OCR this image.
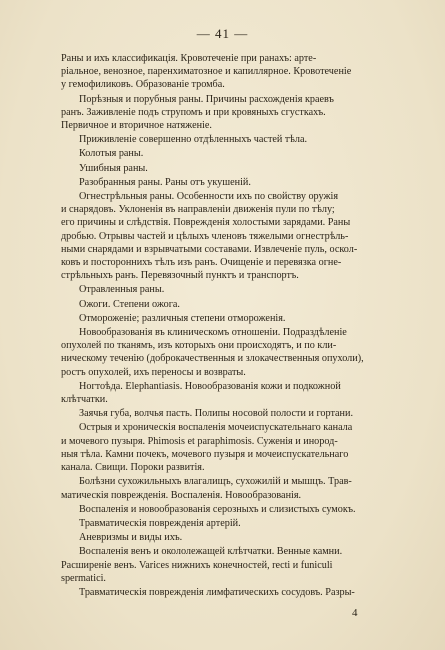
— 41 —
Раны и ихъ классификація. Кровотеченіе при ранахъ: арте-
ріальное, венозное, паренхиматозное и капиллярное. Кровотеченіе
у гемофиликовъ. Образованіе тромба.
Порѣзныя и порубныя раны. Причины расхожденія краевъ
ранъ. Заживленіе подъ струпомъ и при кровяныхъ сгусткахъ.
Первичное и вторичное натяженіе.
Приживленіе совершенно отдѣленныхъ частей тѣла.
Колотыя раны.
Ушибныя раны.
Разобранныя раны. Раны отъ укушеній.
Огнестрѣльныя раны. Особенности ихъ по свойству оружія
и снарядовъ. Уклоненія въ направленіи движенія пули по тѣлу;
его причины и слѣдствія. Поврежденія холостыми зарядами. Раны
дробью. Отрывы частей и цѣлыхъ членовъ тяжелыми огнестрѣль-
ными снарядами и взрывчатыми составами. Извлеченіе пуль, оскол-
ковъ и постороннихъ тѣлъ изъ ранъ. Очищеніе и перевязка огне-
стрѣльныхъ ранъ. Перевязочный пунктъ и транспортъ.
Отравленныя раны.
Ожоги. Степени ожога.
Отмороженіе; различныя степени отмороженія.
Новообразованія въ клиническомъ отношеніи. Подраздѣленіе
опухолей по тканямъ, изъ которыхъ они происходятъ, и по кли-
ническому теченію (доброкачественныя и злокачественныя опухоли),
ростъ опухолей, ихъ переносы и возвраты.
Ногтоѣда. Elephantiasis. Новообразованія кожи и подкожной
клѣтчатки.
Заячья губа, волчья пасть. Полипы носовой полости и гортани.
Острыя и хроническія воспаленія мочеиспускательнаго канала
и мочевого пузыря. Phimosis et paraphimosis. Суженія и инород-
ныя тѣла. Камни почекъ, мочевого пузыря и мочеиспускательнаго
канала. Свищи. Пороки развитія.
Болѣзни сухожильныхъ влагалищъ, сухожилій и мышцъ. Трав-
матическія поврежденія. Воспаленія. Новообразованія.
Воспаленія и новообразованія серозныхъ и слизистыхъ сумокъ.
Травматическія поврежденія артерій.
Аневризмы и виды ихъ.
Воспаленія венъ и окололежащей клѣтчатки. Венные камни.
Расширеніе венъ. Varices нижнихъ конечностей, recti и funiculi
spermatici.
Травматическія поврежденія лимфатическихъ сосудовъ. Разры-
4
